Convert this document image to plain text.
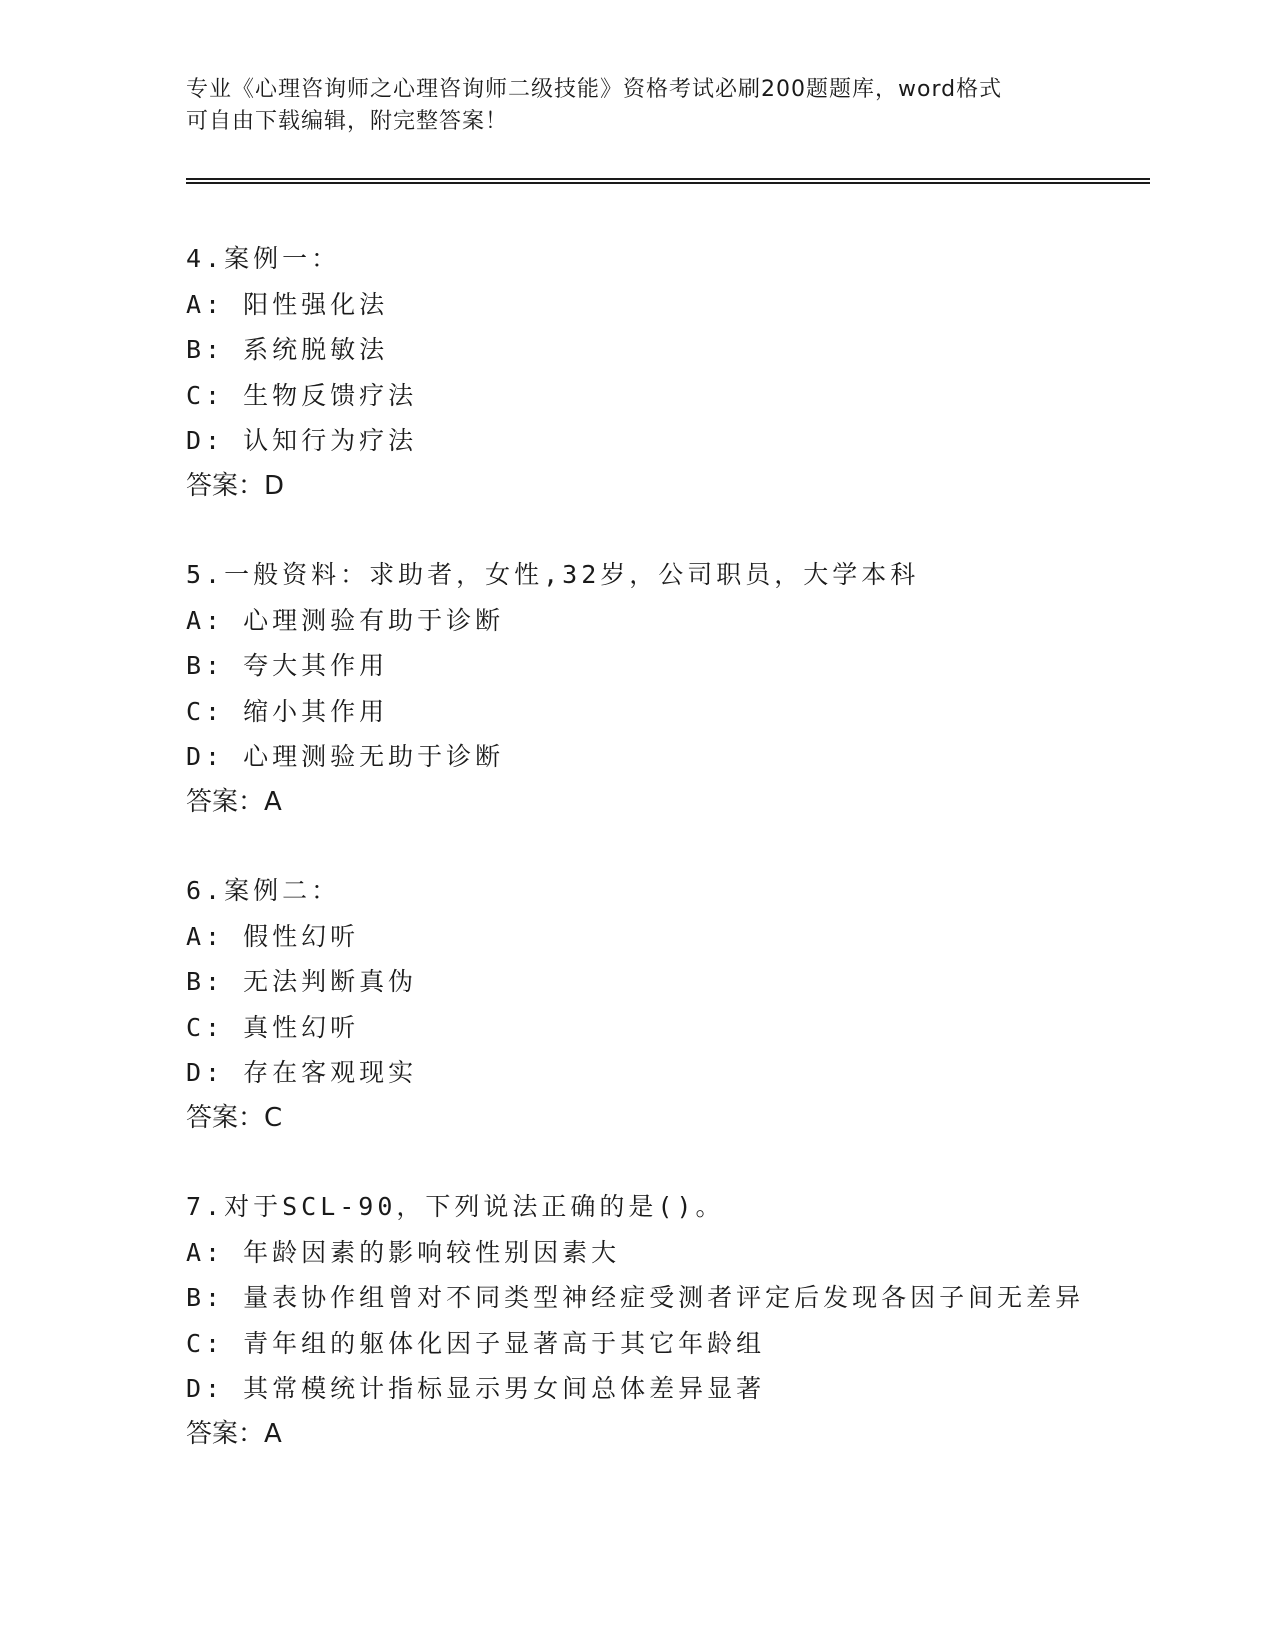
专业《心理咨询师之心理咨询师二级技能》资格考试必刷200题题库，word格式
可自由下载编辑，附完整答案！
4.案例一：
A: 阳性强化法
B: 系统脱敏法
C: 生物反馈疗法
D: 认知行为疗法
答案：D
5.一般资料：求助者，女性,32岁，公司职员，大学本科
A: 心理测验有助于诊断
B: 夸大其作用
C: 缩小其作用
D: 心理测验无助于诊断
答案：A
6.案例二：
A: 假性幻听
B: 无法判断真伪
C: 真性幻听
D: 存在客观现实
答案：C
7.对于SCL-90，下列说法正确的是()。
A: 年龄因素的影响较性别因素大
B: 量表协作组曾对不同类型神经症受测者评定后发现各因子间无差异
C: 青年组的躯体化因子显著高于其它年龄组
D: 其常模统计指标显示男女间总体差异显著
答案：A
